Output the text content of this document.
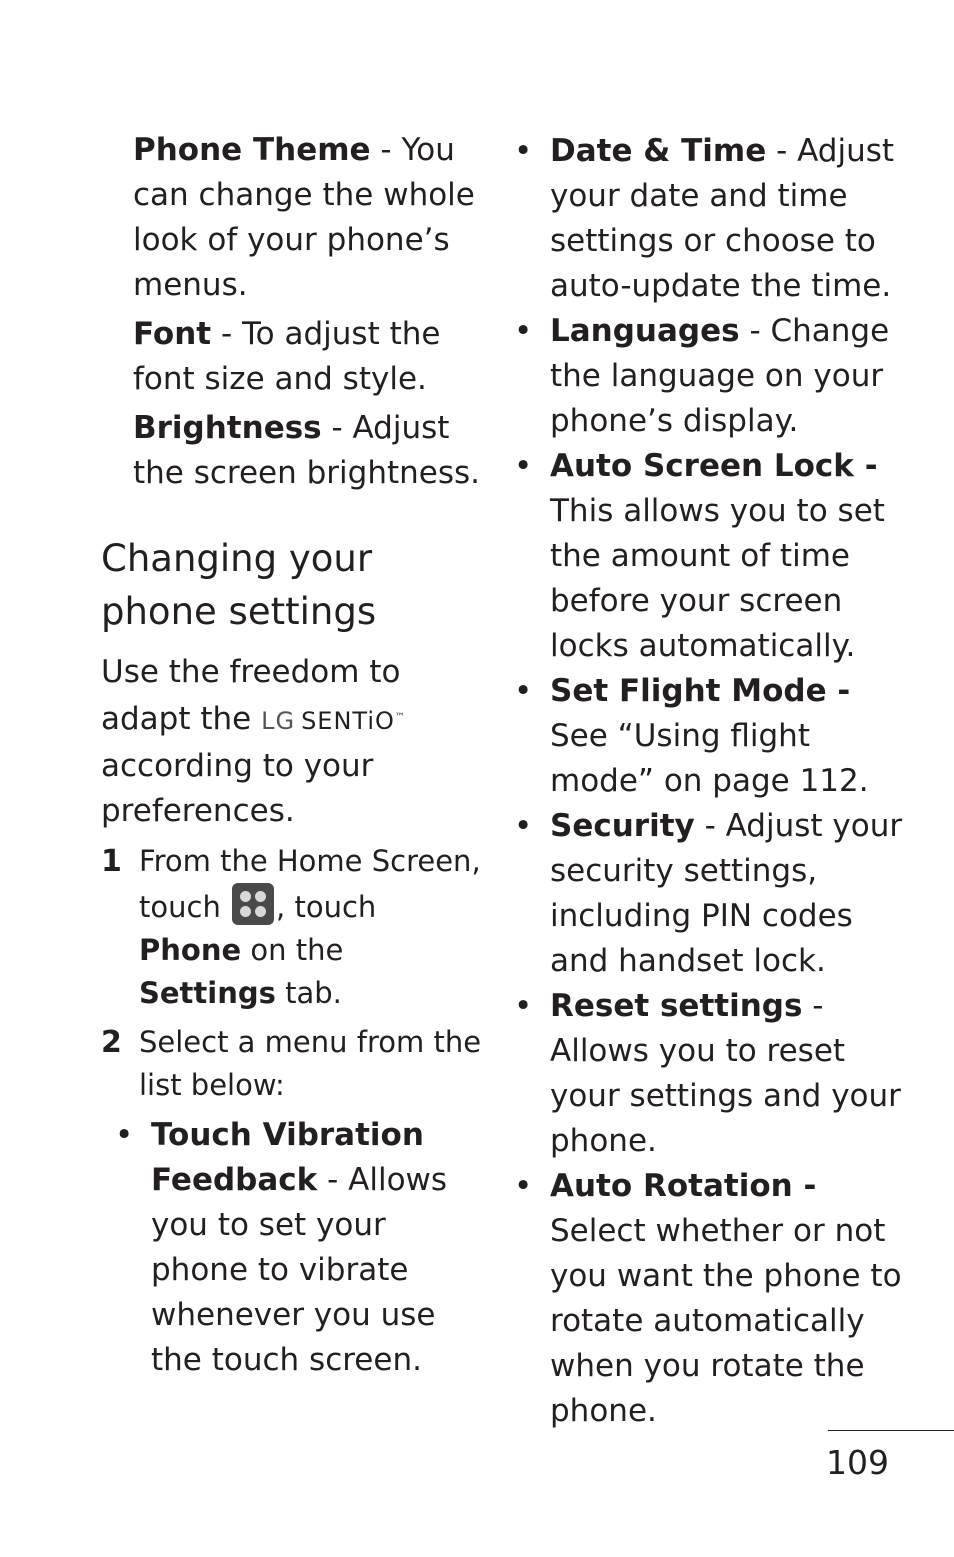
Phone Theme - You can change the whole look of your phone’s menus.

Font - To adjust the font size and style.

Brightness - Adjust the screen brightness.

Changing your phone settings

Use the freedom to adapt the LG SENTiO™ according to your preferences.

1 From the Home Screen, touch , touch Phone on the Settings tab.

2 Select a menu from the list below:

• Touch Vibration Feedback - Allows you to set your phone to vibrate whenever you use the touch screen.

• Date & Time - Adjust your date and time settings or choose to auto-update the time.

• Languages - Change the language on your phone’s display.

• Auto Screen Lock - This allows you to set the amount of time before your screen locks automatically.

• Set Flight Mode - See “Using flight mode” on page 112.

• Security - Adjust your security settings, including PIN codes and handset lock.

• Reset settings - Allows you to reset your settings and your phone.

• Auto Rotation - Select whether or not you want the phone to rotate automatically when you rotate the phone.

109
